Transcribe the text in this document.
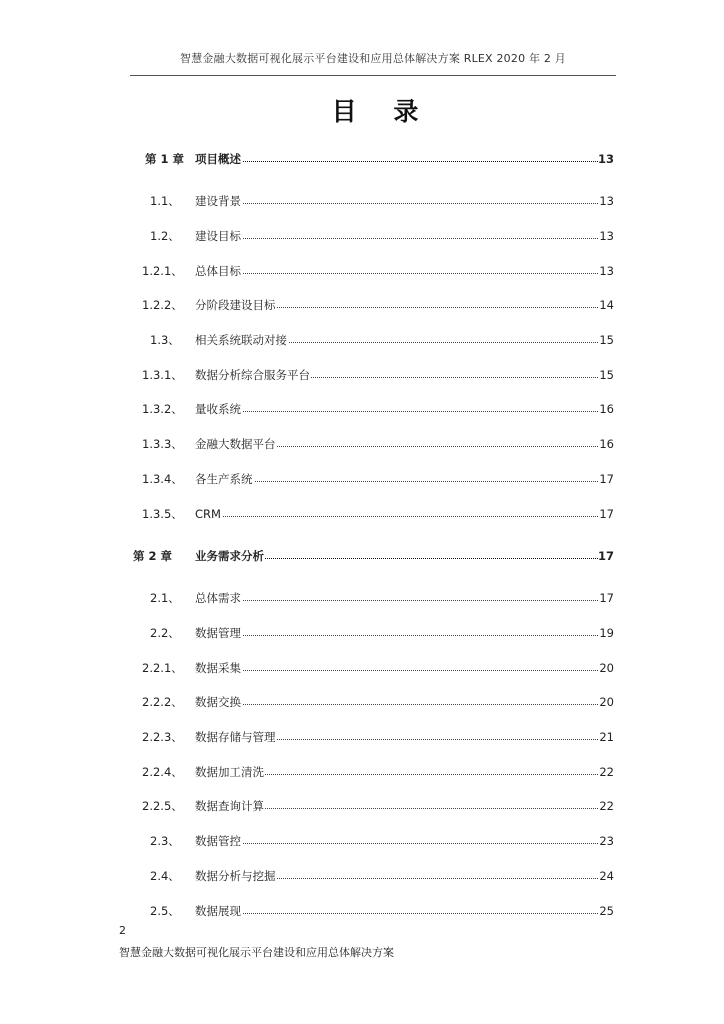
智慧金融大数据可视化展示平台建设和应用总体解决方案 RLEX 2020 年 2 月
目 录
第 1 章 项目概述	13
1.1、 建设背景	13
1.2、 建设目标	13
1.2.1、 总体目标	13
1.2.2、 分阶段建设目标	14
1.3、 相关系统联动对接	15
1.3.1、 数据分析综合服务平台	15
1.3.2、 量收系统	16
1.3.3、 金融大数据平台	16
1.3.4、 各生产系统	17
1.3.5、 CRM	17
第 2 章 业务需求分析	17
2.1、 总体需求	17
2.2、 数据管理	19
2.2.1、 数据采集	20
2.2.2、 数据交换	20
2.2.3、 数据存储与管理	21
2.2.4、 数据加工清洗	22
2.2.5、 数据查询计算	22
2.3、 数据管控	23
2.4、 数据分析与挖掘	24
2.5、 数据展现	25
2
智慧金融大数据可视化展示平台建设和应用总体解决方案
